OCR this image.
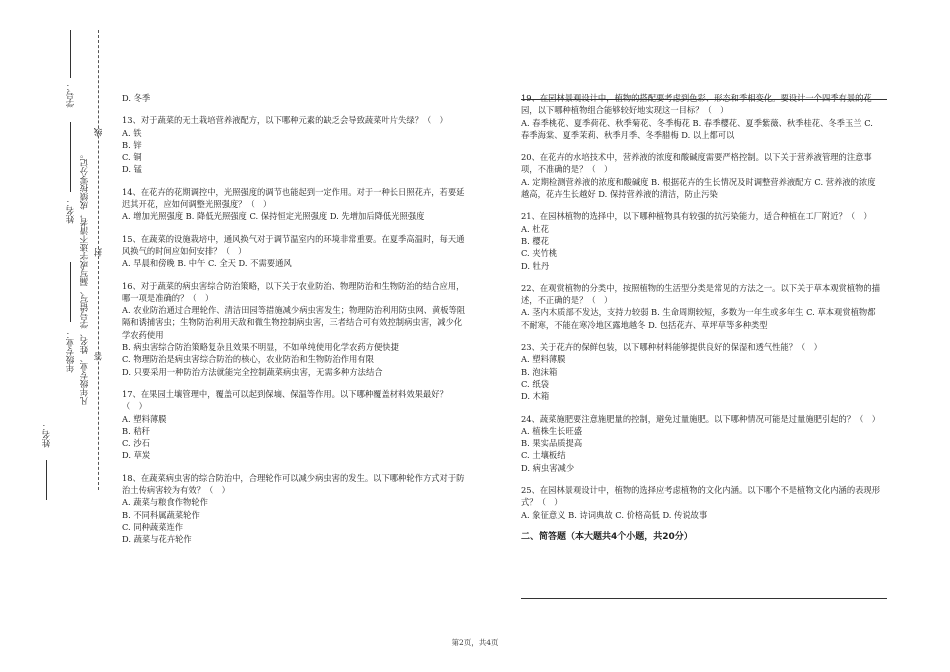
姓名：
年级专业： 凡年级专业、姓名、学号错写、漏写或字迹不清者，成绩按零分记。 答
封
线
姓名：
学号：	D. 冬季

13、对于蔬菜的无土栽培营养液配方，以下哪种元素的缺乏会导致蔬菜叶片失绿？（　）

A. 铁

B. 锌

C. 铜

D. 锰

14、在花卉的花期调控中，光照强度的调节也能起到一定作用。对于一种长日照花卉，若要延迟其开花，应如何调整光照强度？（　）

A. 增加光照强度 B. 降低光照强度 C. 保持恒定光照强度 D. 先增加后降低光照强度

15、在蔬菜的设施栽培中，通风换气对于调节温室内的环境非常重要。在夏季高温时，每天通风换气的时间应如何安排？（　）

A. 早晨和傍晚 B. 中午 C. 全天 D. 不需要通风

16、对于蔬菜的病虫害综合防治策略，以下关于农业防治、物理防治和生物防治的结合应用，哪一项是准确的？（　）

A. 农业防治通过合理轮作、清洁田园等措施减少病虫害发生；物理防治利用防虫网、黄板等阻隔和诱捕害虫；生物防治利用天敌和微生物控制病虫害，三者结合可有效控制病虫害，减少化学农药使用

B. 病虫害综合防治策略复杂且效果不明显，不如单纯使用化学农药方便快捷

C. 物理防治是病虫害综合防治的核心，农业防治和生物防治作用有限

D. 只要采用一种防治方法就能完全控制蔬菜病虫害，无需多种方法结合

17、在果园土壤管理中，覆盖可以起到保墒、保温等作用。以下哪种覆盖材料效果最好？（　）

A. 塑料薄膜

B. 秸秆

C. 沙石

D. 草炭

18、在蔬菜病虫害的综合防治中，合理轮作可以减少病虫害的发生。以下哪种轮作方式对于防治土传病害较为有效？（　）

A. 蔬菜与粮食作物轮作

B. 不同科属蔬菜轮作

C. 同种蔬菜连作

D. 蔬菜与花卉轮作

19、在园林景观设计中，植物的搭配要考虑到色彩、形态和季相变化。要设计一个四季有景的花园，以下哪种植物组合能够较好地实现这一目标？（　）

A. 春季桃花、夏季荷花、秋季菊花、冬季梅花 B. 春季樱花、夏季紫薇、秋季桂花、冬季玉兰 C. 春季海棠、夏季茉莉、秋季月季、冬季腊梅 D. 以上都可以

20、在花卉的水培技术中，营养液的浓度和酸碱度需要严格控制。以下关于营养液管理的注意事项，不准确的是？（　）

A. 定期检测营养液的浓度和酸碱度 B. 根据花卉的生长情况及时调整营养液配方 C. 营养液的浓度越高，花卉生长越好 D. 保持营养液的清洁，防止污染

21、在园林植物的选择中，以下哪种植物具有较强的抗污染能力，适合种植在工厂附近？（　）

A. 杜花

B. 樱花

C. 夹竹桃

D. 牡丹

22、在观赏植物的分类中，按照植物的生活型分类是常见的方法之一。以下关于草本观赏植物的描述，不正确的是？（　）

A. 茎内木质部不发达，支持力较弱 B. 生命周期较短，多数为一年生或多年生 C. 草本观赏植物都不耐寒，不能在寒冷地区露地越冬 D. 包括花卉、草坪草等多种类型

23、关于花卉的保鲜包装，以下哪种材料能够提供良好的保湿和透气性能？（　）

A. 塑料薄膜

B. 泡沫箱

C. 纸袋

D. 木箱

24、蔬菜施肥要注意施肥量的控制，避免过量施肥。以下哪种情况可能是过量施肥引起的？（　）

A. 植株生长旺盛

B. 果实品质提高

C. 土壤板结

D. 病虫害减少

25、在园林景观设计中，植物的选择应考虑植物的文化内涵。以下哪个不是植物文化内涵的表现形式？（　）

A. 象征意义 B. 诗词典故 C. 价格高低 D. 传说故事

二、简答题（本大题共4个小题，共20分）
第2页，共4页
